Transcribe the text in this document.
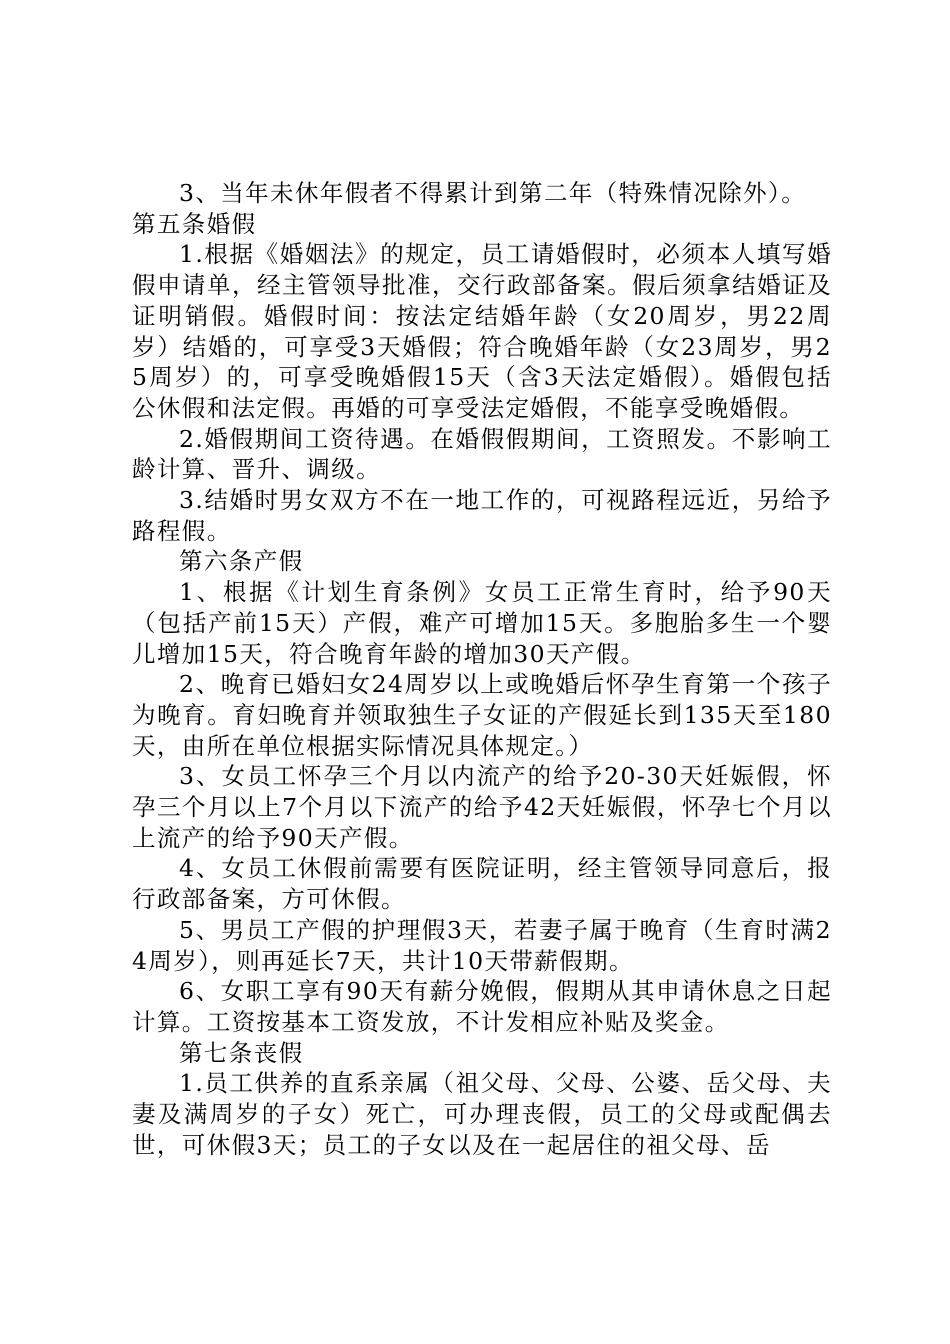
3、当年未休年假者不得累计到第二年（特殊情况除外）。

第五条婚假

1.根据《婚姻法》的规定，员工请婚假时，必须本人填写婚假申请单，经主管领导批准，交行政部备案。假后须拿结婚证及证明销假。婚假时间：按法定结婚年龄（女20周岁，男22周岁）结婚的，可享受3天婚假；符合晚婚年龄（女23周岁，男25周岁）的，可享受晚婚假15天（含3天法定婚假）。婚假包括公休假和法定假。再婚的可享受法定婚假，不能享受晚婚假。

2.婚假期间工资待遇。在婚假假期间，工资照发。不影响工龄计算、晋升、调级。

3.结婚时男女双方不在一地工作的，可视路程远近，另给予路程假。

第六条产假

1、根据《计划生育条例》女员工正常生育时，给予90天（包括产前15天）产假，难产可增加15天。多胞胎多生一个婴儿增加15天，符合晚育年龄的增加30天产假。

2、晚育已婚妇女24周岁以上或晚婚后怀孕生育第一个孩子为晚育。育妇晚育并领取独生子女证的产假延长到135天至180天，由所在单位根据实际情况具体规定。）

3、女员工怀孕三个月以内流产的给予20-30天妊娠假，怀孕三个月以上7个月以下流产的给予42天妊娠假，怀孕七个月以上流产的给予90天产假。

4、女员工休假前需要有医院证明，经主管领导同意后，报行政部备案，方可休假。

5、男员工产假的护理假3天，若妻子属于晚育（生育时满24周岁），则再延长7天，共计10天带薪假期。

6、女职工享有90天有薪分娩假，假期从其申请休息之日起计算。工资按基本工资发放，不计发相应补贴及奖金。

第七条丧假

1.员工供养的直系亲属（祖父母、父母、公婆、岳父母、夫妻及满周岁的子女）死亡，可办理丧假，员工的父母或配偶去世，可休假3天；员工的子女以及在一起居住的祖父母、岳
